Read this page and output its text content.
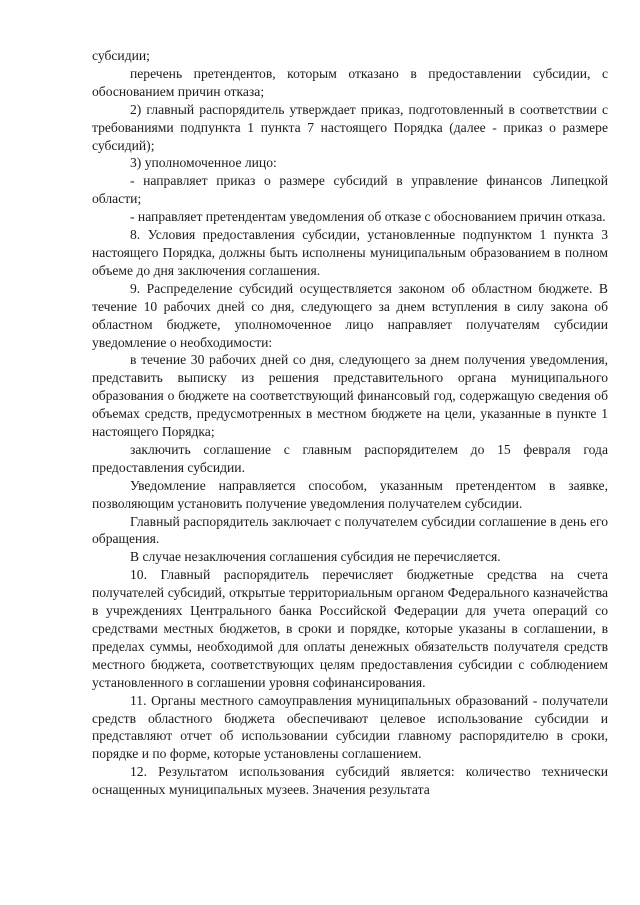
субсидии;

перечень претендентов, которым отказано в предоставлении субсидии, с обоснованием причин отказа;

2) главный распорядитель утверждает приказ, подготовленный в соответствии с требованиями подпункта 1 пункта 7 настоящего Порядка (далее - приказ о размере субсидий);

3) уполномоченное лицо:

- направляет приказ о размере субсидий в управление финансов Липецкой области;

- направляет претендентам уведомления об отказе с обоснованием причин отказа.

8. Условия предоставления субсидии, установленные подпунктом 1 пункта 3 настоящего Порядка, должны быть исполнены муниципальным образованием в полном объеме до дня заключения соглашения.

9. Распределение субсидий осуществляется законом об областном бюджете. В течение 10 рабочих дней со дня, следующего за днем вступления в силу закона об областном бюджете, уполномоченное лицо направляет получателям субсидии уведомление о необходимости:

в течение 30 рабочих дней со дня, следующего за днем получения уведомления, представить выписку из решения представительного органа муниципального образования о бюджете на соответствующий финансовый год, содержащую сведения об объемах средств, предусмотренных в местном бюджете на цели, указанные в пункте 1 настоящего Порядка;

заключить соглашение с главным распорядителем до 15 февраля года предоставления субсидии.

Уведомление направляется способом, указанным претендентом в заявке, позволяющим установить получение уведомления получателем субсидии.

Главный распорядитель заключает с получателем субсидии соглашение в день его обращения.

В случае незаключения соглашения субсидия не перечисляется.

10. Главный распорядитель перечисляет бюджетные средства на счета получателей субсидий, открытые территориальным органом Федерального казначейства в учреждениях Центрального банка Российской Федерации для учета операций со средствами местных бюджетов, в сроки и порядке, которые указаны в соглашении, в пределах суммы, необходимой для оплаты денежных обязательств получателя средств местного бюджета, соответствующих целям предоставления субсидии с соблюдением установленного в соглашении уровня софинансирования.

11. Органы местного самоуправления муниципальных образований - получатели средств областного бюджета обеспечивают целевое использование субсидии и представляют отчет об использовании субсидии главному распорядителю в сроки, порядке и по форме, которые установлены соглашением.

12. Результатом использования субсидий является: количество технически оснащенных муниципальных музеев. Значения результата
